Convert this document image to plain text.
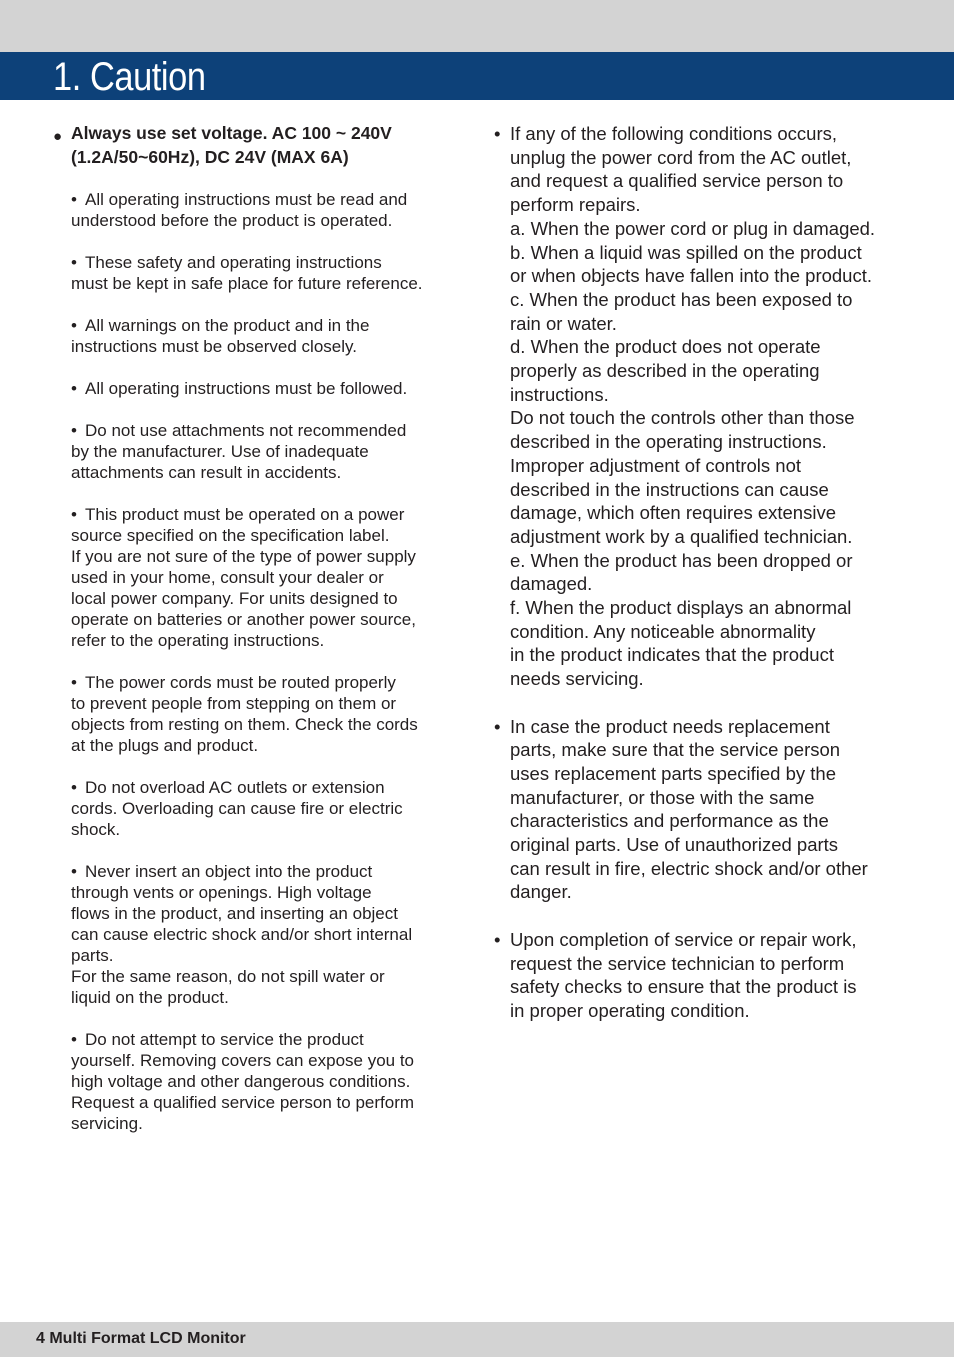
1. Caution
● Always use set voltage. AC 100 ~ 240V
(1.2A/50~60Hz), DC 24V (MAX 6A)
• All operating instructions must be read and
understood before the product is operated.
• These safety and operating instructions
must be kept in safe place for future reference.
• All warnings on the product and in the
instructions must be observed closely.
• All operating instructions must be followed.
• Do not use attachments not recommended
by the manufacturer. Use of inadequate
attachments can result in accidents.
• This product must be operated on a power
source specified on the specification label.
If you are not sure of the type of power supply
used in your home, consult your dealer or
local power company. For units designed to
operate on batteries or another power source,
refer to the operating instructions.
• The power cords must be routed properly
to prevent people from stepping on them or
objects from resting on them. Check the cords
at the plugs and product.
• Do not overload AC outlets or extension
cords. Overloading can cause fire or electric
shock.
• Never insert an object into the product
through vents or openings. High voltage
flows in the product, and inserting an object
can cause electric shock and/or short internal
parts.
For the same reason, do not spill water or
liquid on the product.
• Do not attempt to service the product
yourself. Removing covers can expose you to
high voltage and other dangerous conditions.
Request a qualified service person to perform
servicing.
• If any of the following conditions occurs,
unplug the power cord from the AC outlet,
and request a qualified service person to
perform repairs.
a. When the power cord or plug in damaged.
b. When a liquid was spilled on the product
or when objects have fallen into the product.
c. When the product has been exposed to
rain or water.
d. When the product does not operate
properly as described in the operating
instructions.
Do not touch the controls other than those
described in the operating instructions.
Improper adjustment of controls not
described in the instructions can cause
damage, which often requires extensive
adjustment work by a qualified technician.
e. When the product has been dropped or
damaged.
f. When the product displays an abnormal
condition. Any noticeable abnormality
in the product indicates that the product
needs servicing.
• In case the product needs replacement
parts, make sure that the service person
uses replacement parts specified by the
manufacturer, or those with the same
characteristics and performance as the
original parts. Use of unauthorized parts
can result in fire, electric shock and/or other
danger.
• Upon completion of service or repair work,
request the service technician to perform
safety checks to ensure that the product is
in proper operating condition.
4 Multi Format LCD Monitor
